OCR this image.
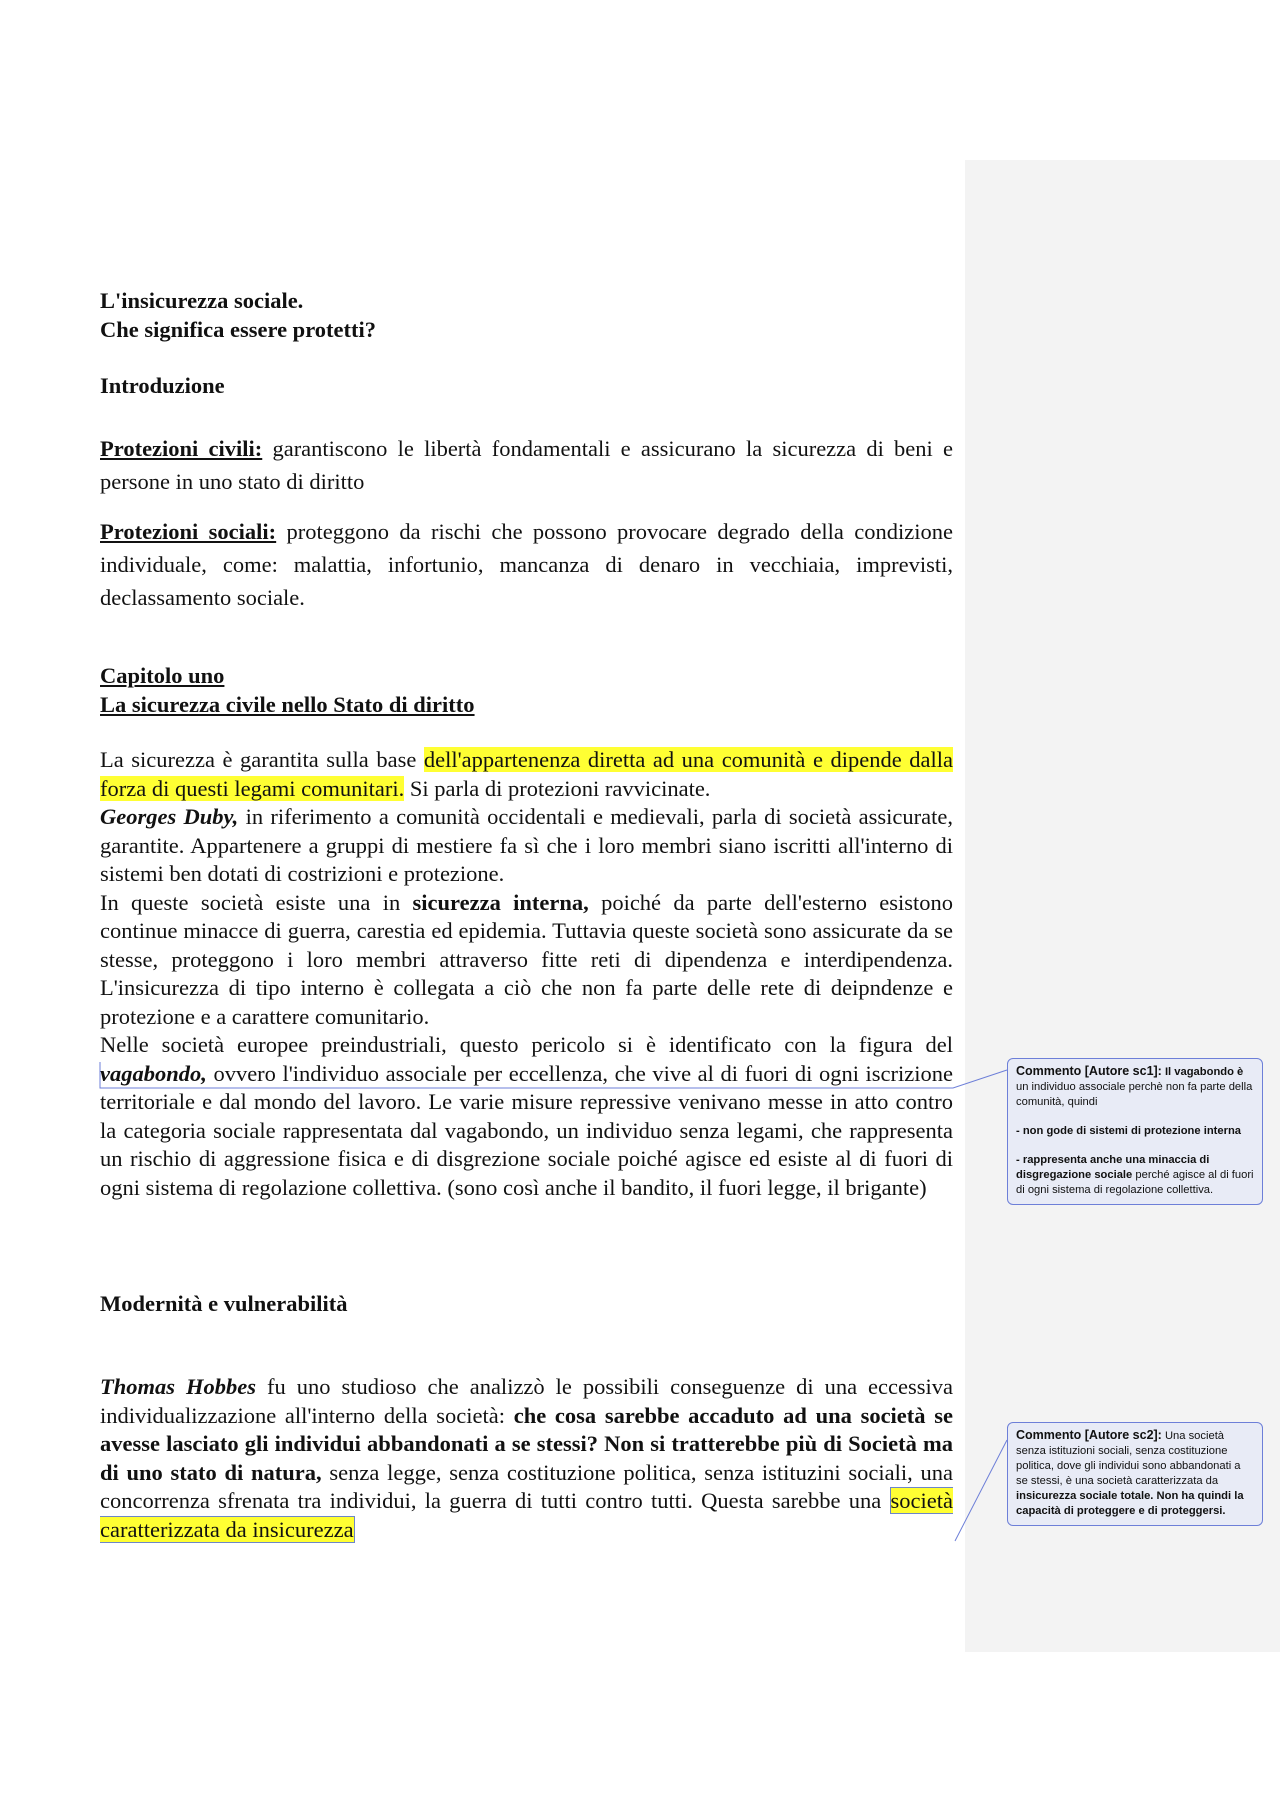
L'insicurezza sociale.
Che significa essere protetti?
Introduzione

Protezioni civili: garantiscono le libertà fondamentali e assicurano la sicurezza di beni e persone in uno stato di diritto

Protezioni sociali: proteggono da rischi che possono provocare degrado della condizione individuale, come: malattia, infortunio, mancanza di denaro in vecchiaia, imprevisti, declassamento sociale.

Capitolo uno
La sicurezza civile nello Stato di diritto

La sicurezza è garantita sulla base dell'appartenenza diretta ad una comunità e dipende dalla forza di questi legami comunitari. Si parla di protezioni ravvicinate.

Georges Duby, in riferimento a comunità occidentali e medievali, parla di società assicurate, garantite. Appartenere a gruppi di mestiere fa sì che i loro membri siano iscritti all'interno di sistemi ben dotati di costrizioni e protezione.

In queste società esiste una in sicurezza interna, poiché da parte dell'esterno esistono continue minacce di guerra, carestia ed epidemia. Tuttavia queste società sono assicurate da se stesse, proteggono i loro membri attraverso fitte reti di dipendenza e interdipendenza. L'insicurezza di tipo interno è collegata a ciò che non fa parte delle rete di deipndenze e protezione e a carattere comunitario.

Nelle società europee preindustriali, questo pericolo si è identificato con la figura del vagabondo, ovvero l'individuo associale per eccellenza, che vive al di fuori di ogni iscrizione territoriale e dal mondo del lavoro. Le varie misure repressive venivano messe in atto contro la categoria sociale rappresentata dal vagabondo, un individuo senza legami, che rappresenta un rischio di aggressione fisica e di disgrezione sociale poiché agisce ed esiste al di fuori di ogni sistema di regolazione collettiva. (sono così anche il bandito, il fuori legge, il brigante)

Modernità e vulnerabilità

Thomas Hobbes fu uno studioso che analizzò le possibili conseguenze di una eccessiva individualizzazione all'interno della società: che cosa sarebbe accaduto ad una società se avesse lasciato gli individui abbandonati a se stessi? Non si tratterebbe più di Società ma di uno stato di natura, senza legge, senza costituzione politica, senza istituzini sociali, una concorrenza sfrenata tra individui, la guerra di tutti contro tutti. Questa sarebbe una società caratterizzata da insicurezza

Commento [Autore sc1]: Il vagabondo è un individuo associale perchè non fa parte della comunità, quindi
- non gode di sistemi di protezione interna
- rappresenta anche una minaccia di disgregazione sociale perché agisce al di fuori di ogni sistema di regolazione collettiva.
Commento [Autore sc2]: Una società senza istituzioni sociali, senza costituzione politica, dove gli individui sono abbandonati a se stessi, è una società caratterizzata da insicurezza sociale totale. Non ha quindi la capacità di proteggere e di proteggersi.
